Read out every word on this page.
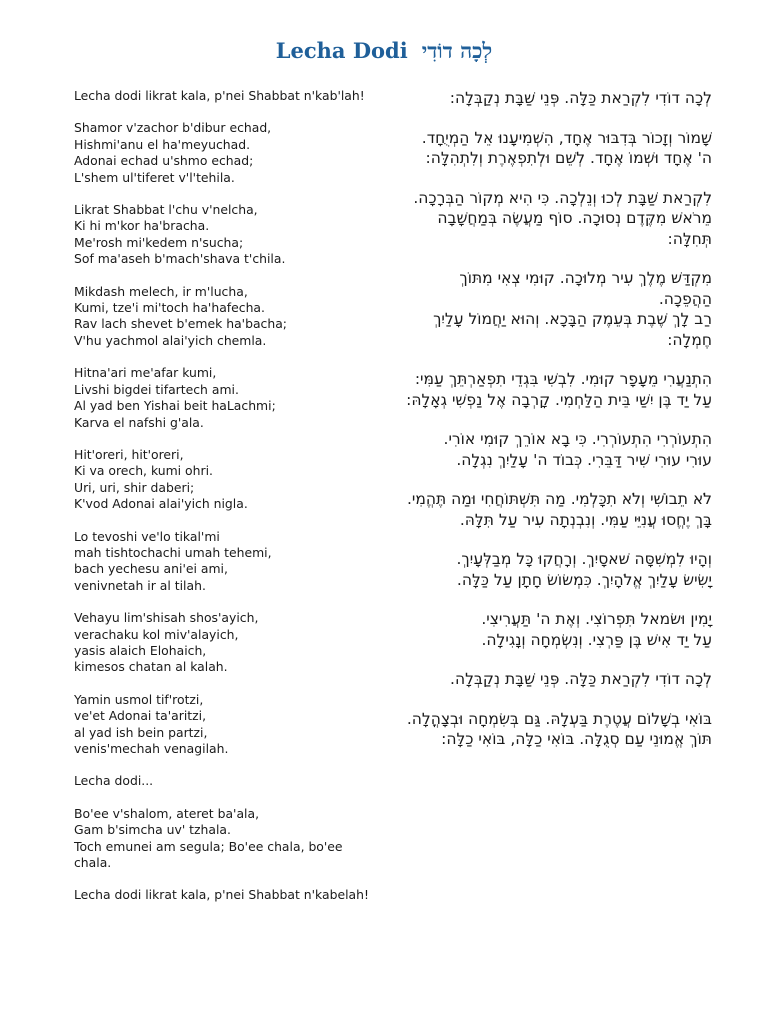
Lecha Dodi לְכָה דוֹדִי

Lecha dodi likrat kala, p'nei Shabbat n'kab'lah!

Shamor v'zachor b'dibur echad,
Hishmi'anu el ha'meyuchad.
Adonai echad u'shmo echad;
L'shem ul'tiferet v'l'tehila.

Likrat Shabbat l'chu v'nelcha,
Ki hi m'kor ha'bracha.
Me'rosh mi'kedem n'sucha;
Sof ma'aseh b'mach'shava t'chila.

Mikdash melech, ir m'lucha,
Kumi, tze'i mi'toch ha'hafecha.
Rav lach shevet b'emek ha'bacha;
V'hu yachmol alai'yich chemla.

Hitna'ari me'afar kumi,
Livshi bigdei tifartech ami.
Al yad ben Yishai beit haLachmi;
Karva el nafshi g'ala.

Hit'oreri, hit'oreri,
Ki va orech, kumi ohri.
Uri, uri, shir daberi;
K'vod Adonai alai'yich nigla.

Lo tevoshi ve'lo tikal'mi
mah tishtochachi umah tehemi,
bach yechesu ani'ei ami,
venivnetah ir al tilah.

Vehayu lim'shisah shos'ayich,
verachaku kol miv'alayich,
yasis alaich Elohaich,
kimesos chatan al kalah.

Yamin usmol tif'rotzi,
ve'et Adonai ta'aritzi,
al yad ish bein partzi,
venis'mechah venagilah.

Lecha dodi...

Bo'ee v'shalom, ateret ba'ala,
Gam b'simcha uv' tzhala.
Toch emunei am segula; Bo'ee chala, bo'ee
chala.

Lecha dodi likrat kala, p'nei Shabbat n'kabelah!

לְכָה דוֹדִי לִקְרַאת כַּלָּה. פְּנֵי שַׁבָּת נְקַבְּלָה:

שָׁמוֹר וְזָכוֹר בְּדִבּוּר אֶחָד, הִשְׁמִיעָנוּ אֵל הַמְיֻחָד.
ה' אֶחָד וּשְׁמוֹ אֶחָד. לְשֵׁם וּלְתִפְאֶרֶת וְלִתְהִלָּה:

לִקְרַאת שַׁבָּת לְכוּ וְנֵלְכָה. כִּי הִיא מְקוֹר הַבְּרָכָה.
מֵרֹאשׁ מִקֶּדֶם נְסוּכָה. סוֹף מַעֲשֶׂה בְּמַחֲשָׁבָה תְּחִלָּה:

מִקְדַּשׁ מֶלֶךְ עִיר מְלוּכָה. קוּמִי צְאִי מִתּוֹךְ הַהֲפֵכָה.
רַב לָךְ שֶׁבֶת בְּעֵמֶק הַבָּכָא. וְהוּא יַחֲמוֹל עָלַיִךְ חֶמְלָה:

הִתְנַעֲרִי מֵעָפָר קוּמִי. לִבְשִׁי בִּגְדֵי תִפְאַרְתֵּךְ עַמִּי:
עַל יַד בֶּן יִשַׁי בֵּית הַלַּחְמִי. קָרְבָה אֶל נַפְשִׁי גְאָלָהּ:

הִתְעוֹרְרִי הִתְעוֹרְרִי. כִּי בָא אוֹרֵךְ קוּמִי אוֹרִי.
עוּרִי עוּרִי שִׁיר דַּבֵּרִי. כְּבוֹד ה' עָלַיִךְ נִגְלָה.

לֹא תֵבוֹשִׁי וְלֹא תִכָּלְמִי. מַה תִּשְׁתּוֹחֲחִי וּמַה תֶּהֱמִי.
בָּךְ יֶחֱסוּ עֲנִיֵּי עַמִּי. וְנִבְנְתָה עִיר עַל תִּלָּהּ.

וְהָיוּ לִמְשִׁסָּה שׁאסָיִךְ. וְרָחֲקוּ כָּל מְבַלְּעָיִךְ.
יָשִׂישׂ עָלַיִךְ אֱלֹהָיִךְ. כִּמְשׂוֹשׂ חָתָן עַל כַּלָּה.

יָמִין וּשׂמאל תִּפְרוֹצִי. וְאֶת ה' תַּעֲרִיצִי.
עַל יַד אִישׁ בֶּן פַּרְצִי. וְנִשְׂמְחָה וְנָגִילָה.

לְכָה דוֹדִי לִקְרַאת כַּלָּה. פְּנֵי שַׁבָּת נְקַבְּלָה.

בּוֹאִי בְשָׁלוֹם עֲטֶרֶת בַּעְלָהּ. גַּם בְּשִׂמְחָה וּבְצָהֳלָה.
תּוֹךְ אֱמוּנֵי עַם סְגֻלָּה. בּוֹאִי כַלָּה, בּוֹאִי כַלָּה:
